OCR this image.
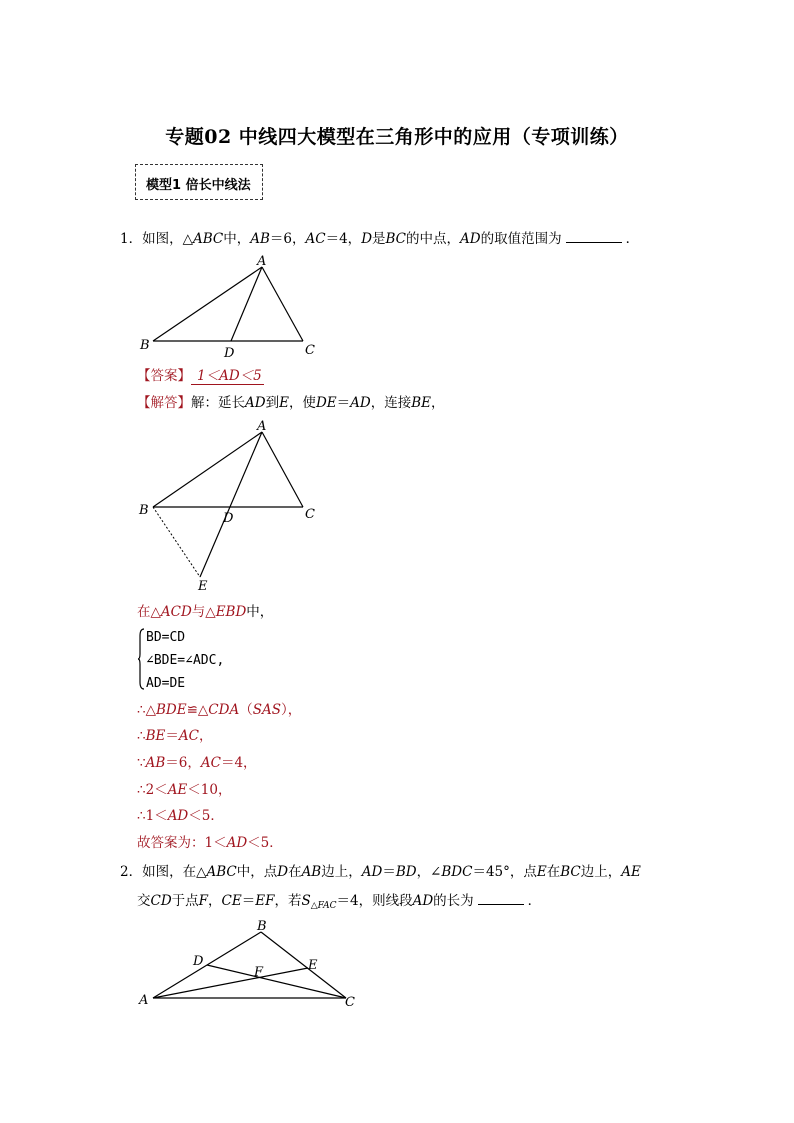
专题02 中线四大模型在三角形中的应用（专项训练）
模型1 倍长中线法
1．如图，△ABC中，AB＝6，AC＝4，D是BC的中点，AD的取值范围为	．
A
B
D	C
A
B
D	C
E
B
D
F	E
A	C
【答案】 1＜AD＜5
【解答】解：延长AD到E，使DE＝AD，连接BE，
在△ACD与△EBD中，
BD=CD
∠BDE=∠ADC,
AD=DE
∴△BDE≌△CDA（SAS），
∴BE＝AC，
∵AB＝6，AC＝4，
∴2＜AE＜10，
∴1＜AD＜5．
故答案为：1＜AD＜5．
2．如图，在△ABC中，点D在AB边上，AD＝BD，∠BDC＝45°，点E在BC边上，AE
交CD于点F，CE＝EF，若$S_{\triangle FAC}=4$，则线段AD的长为	．
